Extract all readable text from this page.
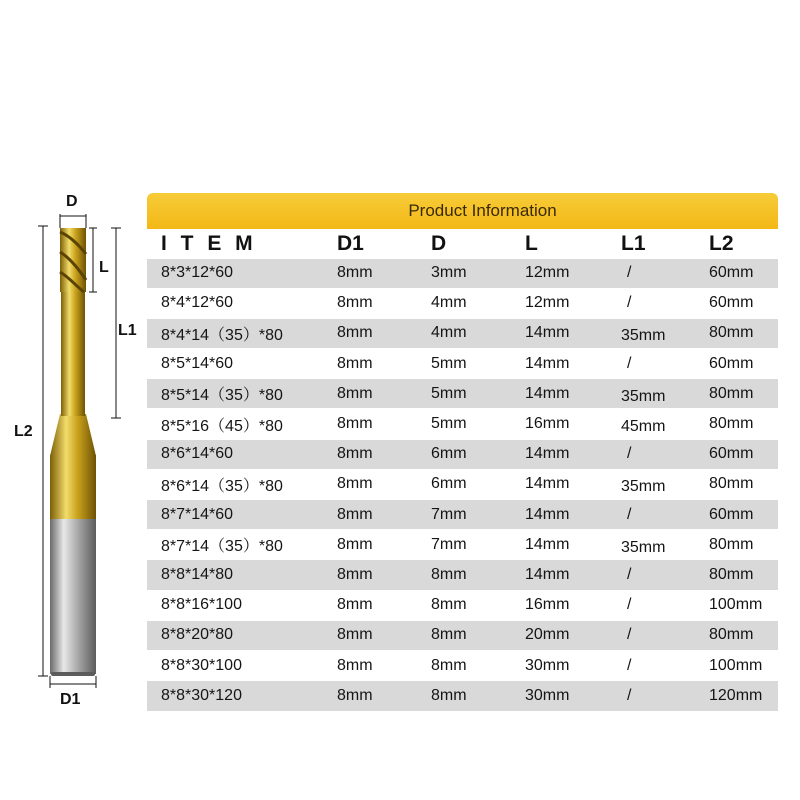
D
L
L1
L2
D1
Product Information					
I T E M	D1	D	L	L1	L2
8*3*12*60	8mm	3mm	12mm	/	60mm
8*4*12*60	8mm	4mm	12mm	/	60mm
8*4*14（35）*80	8mm	4mm	14mm	35mm	80mm
8*5*14*60	8mm	5mm	14mm	/	60mm
8*5*14（35）*80	8mm	5mm	14mm	35mm	80mm
8*5*16（45）*80	8mm	5mm	16mm	45mm	80mm
8*6*14*60	8mm	6mm	14mm	/	60mm
8*6*14（35）*80	8mm	6mm	14mm	35mm	80mm
8*7*14*60	8mm	7mm	14mm	/	60mm
8*7*14（35）*80	8mm	7mm	14mm	35mm	80mm
8*8*14*80	8mm	8mm	14mm	/	80mm
8*8*16*100	8mm	8mm	16mm	/	100mm
8*8*20*80	8mm	8mm	20mm	/	80mm
8*8*30*100	8mm	8mm	30mm	/	100mm
8*8*30*120	8mm	8mm	30mm	/	120mm
